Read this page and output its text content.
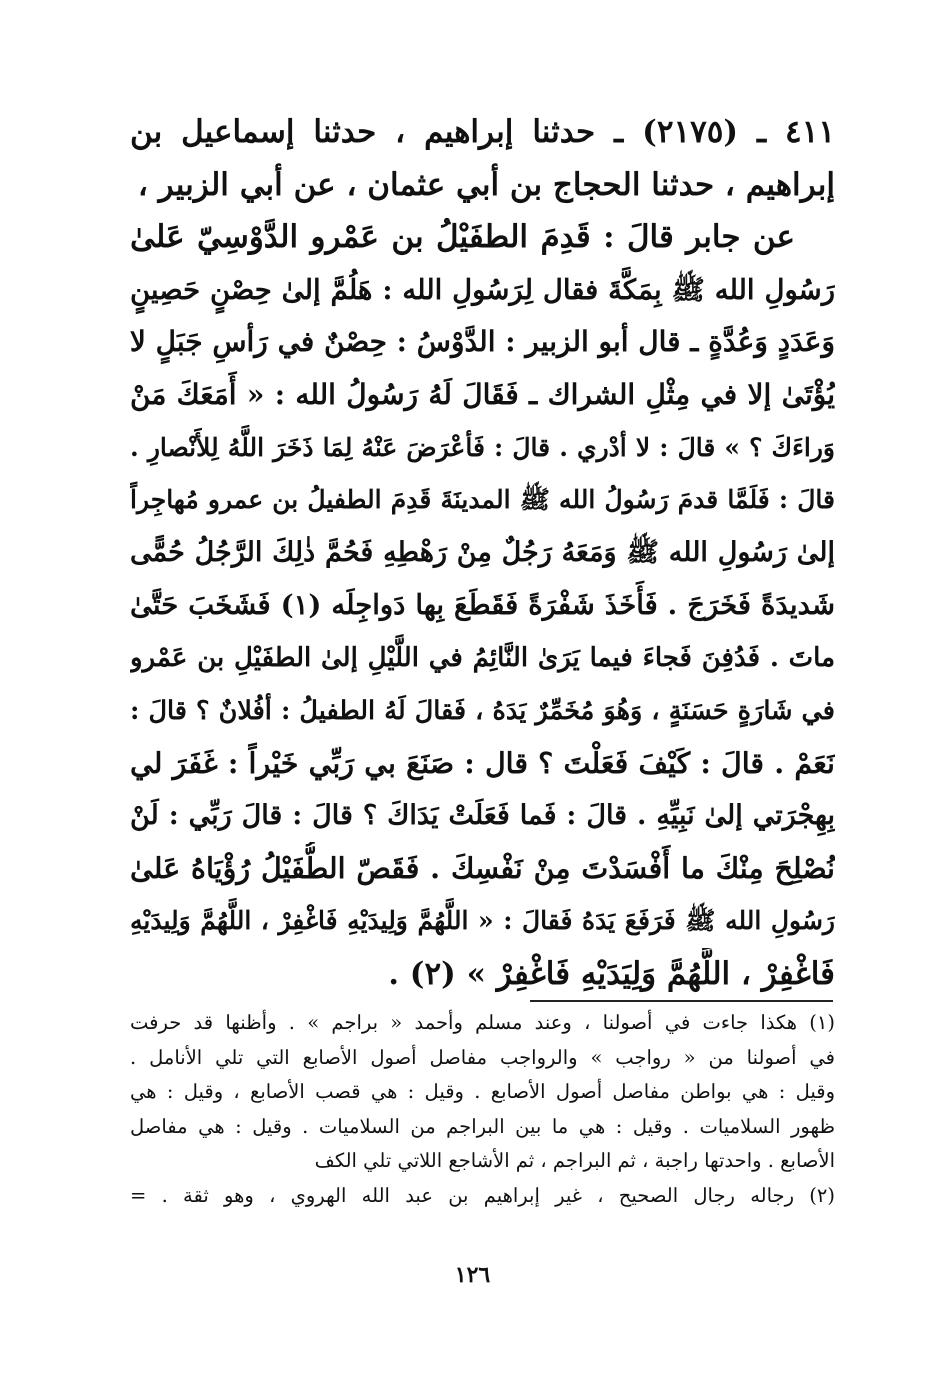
٤١١ ـ (٢١٧٥) ـ حدثنا إبراهيم ، حدثنا إسماعيل بن
إبراهيم ، حدثنا الحجاج بن أبي عثمان ، عن أبي الزبير ،
عن جابر قالَ : قَدِمَ الطفَيْلُ بن عَمْرو الدَّوْسِيّ عَلىٰ
رَسُولِ الله ﷺ بِمَكَّةَ فقال لِرَسُولِ الله : هَلُمَّ إلىٰ حِصْنٍ حَصِينٍ
وَعَدَدٍ وَعُدَّةٍ ـ قال أبو الزبير : الدَّوْسُ : حِصْنٌ في رَأسِ جَبَلٍ لا
يُؤْتَىٰ إلا في مِثْلِ الشراك ـ فَقَالَ لَهُ رَسُولُ الله : « أَمَعَكَ مَنْ
وَراءَكَ ؟ » قالَ : لا أدْري . قالَ : فَأعْرَضَ عَنْهُ لِمَا ذَخَرَ اللَّهُ لِلأَنْصارِ .
قالَ : فَلَمَّا قدمَ رَسُولُ الله ﷺ المدينَةَ قَدِمَ الطفيلُ بن عمرو مُهاجِراً
إلىٰ رَسُولِ الله ﷺ وَمَعَهُ رَجُلٌ مِنْ رَهْطِهِ فَحُمَّ ذٰلِكَ الرَّجُلُ حُمًّى
شَديدَةً فَخَرَجَ . فَأَخَذَ شَفْرَةً فَقَطَعَ بِها دَواجِلَه (١) فَشَخَبَ حَتَّىٰ
ماتَ . فَدُفِنَ فَجاءَ فيما يَرَىٰ النَّائِمُ في اللَّيْلِ إلىٰ الطفَيْلِ بن عَمْرو
في شَارَةٍ حَسَنَةٍ ، وَهُوَ مُخَمِّرٌ يَدَهُ ، فَقالَ لَهُ الطفيلُ : أفُلانٌ ؟ قالَ :
نَعَمْ . قالَ : كَيْفَ فَعَلْتَ ؟ قال : صَنَعَ بي رَبِّي خَيْراً : غَفَرَ لي
بِهِجْرَتي إلىٰ نَبِيِّهِ . قالَ : فَما فَعَلَتْ يَدَاكَ ؟ قالَ : قالَ رَبِّي : لَنْ
نُصْلِحَ مِنْكَ ما أَفْسَدْتَ مِنْ نَفْسِكَ . فَقَصّ الطُّفَيْلُ رُؤْيَاهُ عَلىٰ
رَسُولِ الله ﷺ فَرَفَعَ يَدَهُ فَقالَ : « اللَّهُمَّ وَلِيدَيْهِ فَاغْفِرْ ، اللَّهُمَّ وَلِيدَيْهِ
فَاغْفِرْ ، اللَّهُمَّ وَلِيَدَيْهِ فَاغْفِرْ » (٢) .
(١) هكذا جاءت في أصولنا ، وعند مسلم وأحمد « براجم » . وأظنها قد حرفت
في أصولنا من « رواجب » والرواجب مفاصل أصول الأصابع التي تلي الأنامل .
وقيل : هي بواطن مفاصل أصول الأصابع . وقيل : هي قصب الأصابع ، وقيل : هي
ظهور السلاميات . وقيل : هي ما بين البراجم من السلاميات . وقيل : هي مفاصل
الأصابع . واحدتها راجبة ، ثم البراجم ، ثم الأشاجع اللاتي تلي الكف
(٢) رجاله رجال الصحيح ، غير إبراهيم بن عبد الله الهروي ، وهو ثقة . =
١٢٦
